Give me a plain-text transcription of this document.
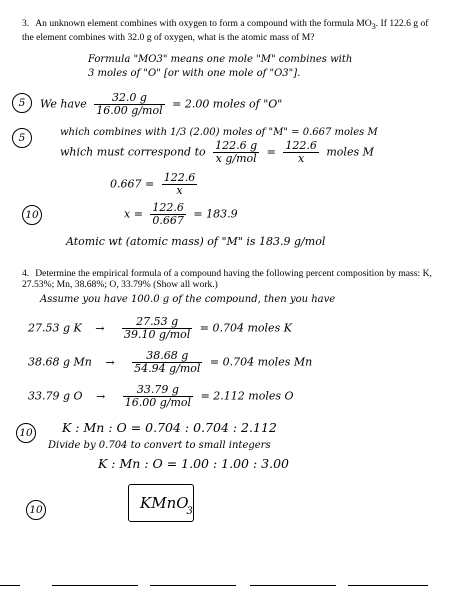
3. An unknown element combines with oxygen to form a compound with the formula $MO_3$. If 122.6 g of the element combines with 32.0 g of oxygen, what is the atomic mass of M?
Formula "MO3" means one mole "M" combines with
3 moles of "O" [or with one mole of "O3"].
5	We have $\frac{32.0 g}{\text{16.00 g/mol}} = 2.00$ moles of "O"
5	which combines with 1/3 (2.00) moles of "M" = 0.667 moles M
which must correspond to $\frac{122.6 g}{\text{x g/mol}} = \frac{122.6}{x}$ moles M
$0.667 = \frac{122.6}{x}$
10	$x = \frac{122.6}{0.667} = 183.9$
Atomic wt (atomic mass) of "M" is 183.9 g/mol
4. Determine the empirical formula of a compound having the following percent composition by mass: K, 27.53%; Mn, 38.68%; O, 33.79% (Show all work.)
Assume you have 100.0 g of the compound, then you have
27.53 g $K \to \frac{27.53 g}{\text{39.10 g/mol}} = 0.704$ moles K
38.68 g $Mn \to \frac{38.68 g}{\text{54.94 g/mol}} = 0.704$ moles Mn
33.79 g $O \to \frac{33.79 g}{\text{16.00 g/mol}} = 2.112$ moles O
10 K : Mn : O = 0.704 : 0.704 : 2.112
Divide by 0.704 to convert to small integers
K : Mn : O = 1.00 : 1.00 : 3.00
10	KMnO$_3$
